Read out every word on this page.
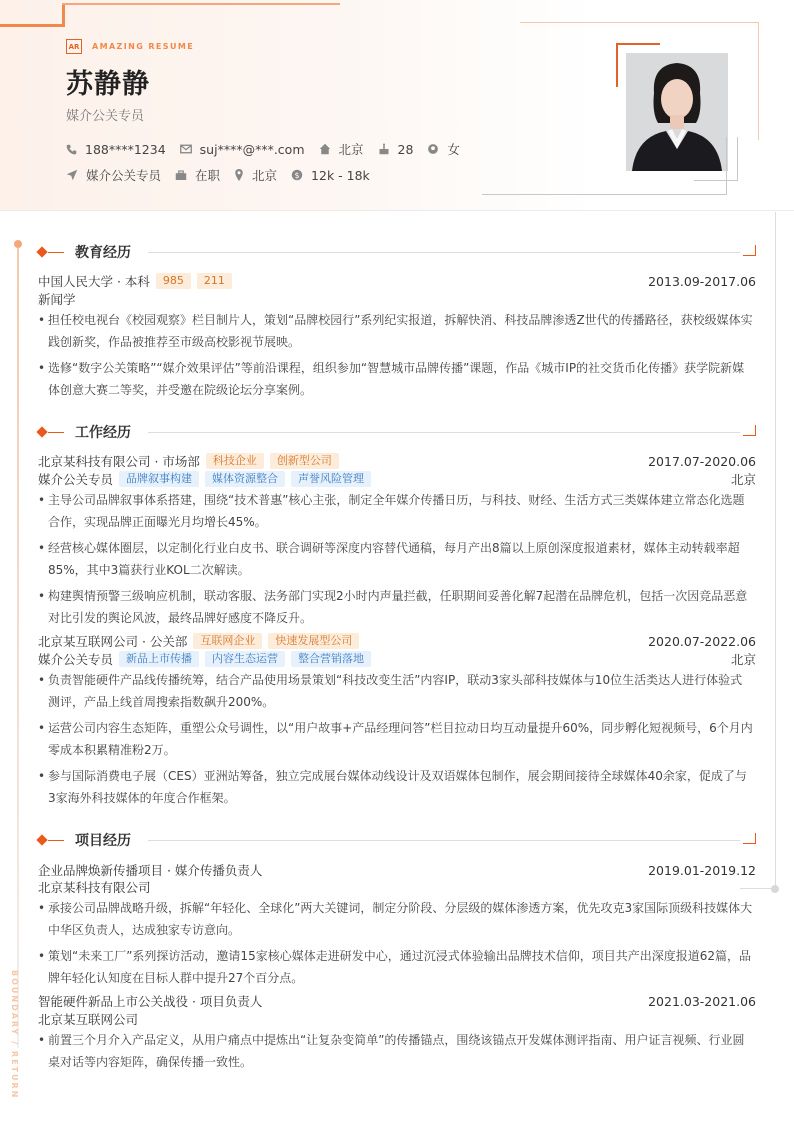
AR	AMAZING RESUME
苏静静
媒介公关专员
188****1234	suj****@***.com	北京	28	女
媒介公关专员	在职	北京 $ 12k - 18k
BOUNDARY / RETURN
教育经历
中国人民大学 · 本科	985	211	2013.09-2017.06
新闻学
• 担任校电视台《校园观察》栏目制片人，策划“品牌校园行”系列纪实报道，拆解快消、科技品牌渗透Z世代的传播路径，获校级媒体实践创新奖，作品被推荐至市级高校影视节展映。
• 选修“数字公关策略”“媒介效果评估”等前沿课程，组织参加“智慧城市品牌传播”课题，作品《城市IP的社交货币化传播》获学院新媒体创意大赛二等奖，并受邀在院级论坛分享案例。
工作经历
北京某科技有限公司 · 市场部	科技企业	创新型公司	2017.07-2020.06
媒介公关专员	品牌叙事构建	媒体资源整合	声誉风险管理	北京
• 主导公司品牌叙事体系搭建，围绕“技术普惠”核心主张，制定全年媒介传播日历，与科技、财经、生活方式三类媒体建立常态化选题合作，实现品牌正面曝光月均增长45%。
• 经营核心媒体圈层，以定制化行业白皮书、联合调研等深度内容替代通稿，每月产出8篇以上原创深度报道素材，媒体主动转载率超85%，其中3篇获行业KOL二次解读。
• 构建舆情预警三级响应机制，联动客服、法务部门实现2小时内声量拦截，任职期间妥善化解7起潜在品牌危机，包括一次因竞品恶意对比引发的舆论风波，最终品牌好感度不降反升。
北京某互联网公司 · 公关部	互联网企业	快速发展型公司	2020.07-2022.06
媒介公关专员	新品上市传播	内容生态运营	整合营销落地	北京
• 负责智能硬件产品线传播统筹，结合产品使用场景策划“科技改变生活”内容IP，联动3家头部科技媒体与10位生活类达人进行体验式测评，产品上线首周搜索指数飙升200%。
• 运营公司内容生态矩阵，重塑公众号调性，以“用户故事+产品经理问答”栏目拉动日均互动量提升60%，同步孵化短视频号，6个月内零成本积累精准粉2万。
• 参与国际消费电子展（CES）亚洲站筹备，独立完成展台媒体动线设计及双语媒体包制作，展会期间接待全球媒体40余家，促成了与3家海外科技媒体的年度合作框架。
项目经历
企业品牌焕新传播项目 · 媒介传播负责人	2019.01-2019.12
北京某科技有限公司
• 承接公司品牌战略升级，拆解“年轻化、全球化”两大关键词，制定分阶段、分层级的媒体渗透方案，优先攻克3家国际顶级科技媒体大中华区负责人，达成独家专访意向。
• 策划“未来工厂”系列探访活动，邀请15家核心媒体走进研发中心，通过沉浸式体验输出品牌技术信仰，项目共产出深度报道62篇，品牌年轻化认知度在目标人群中提升27个百分点。
智能硬件新品上市公关战役 · 项目负责人	2021.03-2021.06
北京某互联网公司
• 前置三个月介入产品定义，从用户痛点中提炼出“让复杂变简单”的传播锚点，围绕该锚点开发媒体测评指南、用户证言视频、行业圆桌对话等内容矩阵，确保传播一致性。
